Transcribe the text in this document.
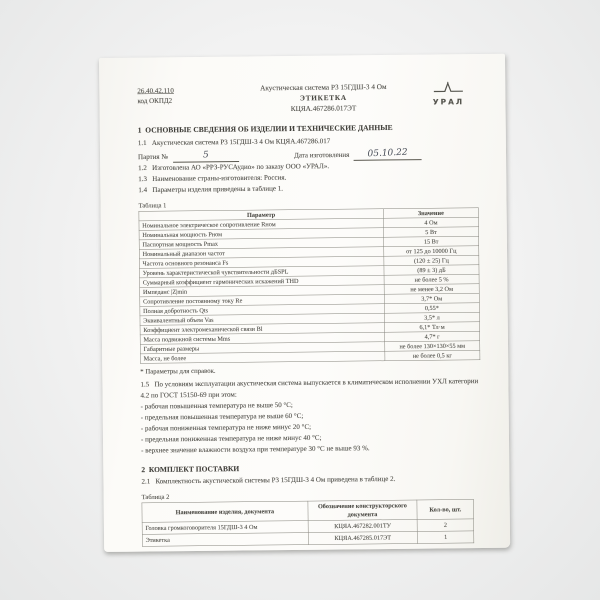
26.40.42.110
код ОКПД2
Акустическая система Р3 15ГДШ-3 4 Ом
ЭТИКЕТКА
КЦЯА.467286.017ЭТ
УРАЛ
1  ОСНОВНЫЕ СВЕДЕНИЯ ОБ ИЗДЕЛИИ И ТЕХНИЧЕСКИЕ ДАННЫЕ
1.1   Акустическая система Р3 15ГДШ-3 4 Ом КЦЯА.467286.017
Партия №	5	Дата изготовления 05.10.22
1.2   Изготовлена АО «РРЗ-РУСАудио» по заказу ООО «УРАЛ».
1.3   Наименование страны-изготовителя: Россия.
1.4   Параметры изделия приведены в таблице 1.
Таблица 1
Параметр	Значение
Номинальное электрическое сопротивление Rном	4 Ом
Номинальная мощность Pном	5 Вт
Паспортная мощность Pmax	15 Вт
Номинальный диапазон частот	от 125 до 10000 Гц
Частота основного резонанса Fs	(120 ± 25) Гц
Уровень характеристической чувствительности дБSPL	(89 ± 3) дБ
Суммарный коэффициент гармонических искажений THD	не более 5 %
Импеданс |Z|min	не менее 3,2 Ом
Сопротивление постоянному току Re	3,7* Ом
Полная добротность Qts	0,55*
Эквивалентный объем Vas	3,5* л
Коэффициент электромеханической связи Bl	6,1* Тл·м
Масса подвижной системы Mms	4,7* г
Габаритные размеры	не более 130×130×55 мм
Масса, не более	не более 0,5 кг
* Параметры для справок.
1.5   По условиям эксплуатации акустическая система выпускается в климатическом исполнении УХЛ категории 4.2 по ГОСТ 15150-69 при этом:
- рабочая повышенная температура не выше 50 °С;
- предельная повышенная температура не выше 60 °С;
- рабочая пониженная температура не ниже минус 20 °С;
- предельная пониженная температура не ниже минус 40 °С;
- верхнее значение влажности воздуха при температуре 30 °С не выше 93 %.
2  КОМПЛЕКТ ПОСТАВКИ
2.1   Комплектность акустической системы Р3 15ГДШ-3 4 Ом приведена в таблице 2.
Таблица 2
Наименование изделия, документа	Обозначение конструкторского документа	Кол-во, шт.
Головка громкоговорителя 15ГДШ-3 4 Ом	КЦЯА.467282.001ТУ	2
Этикетка	КЦЯА.467285.017ЭТ	1
